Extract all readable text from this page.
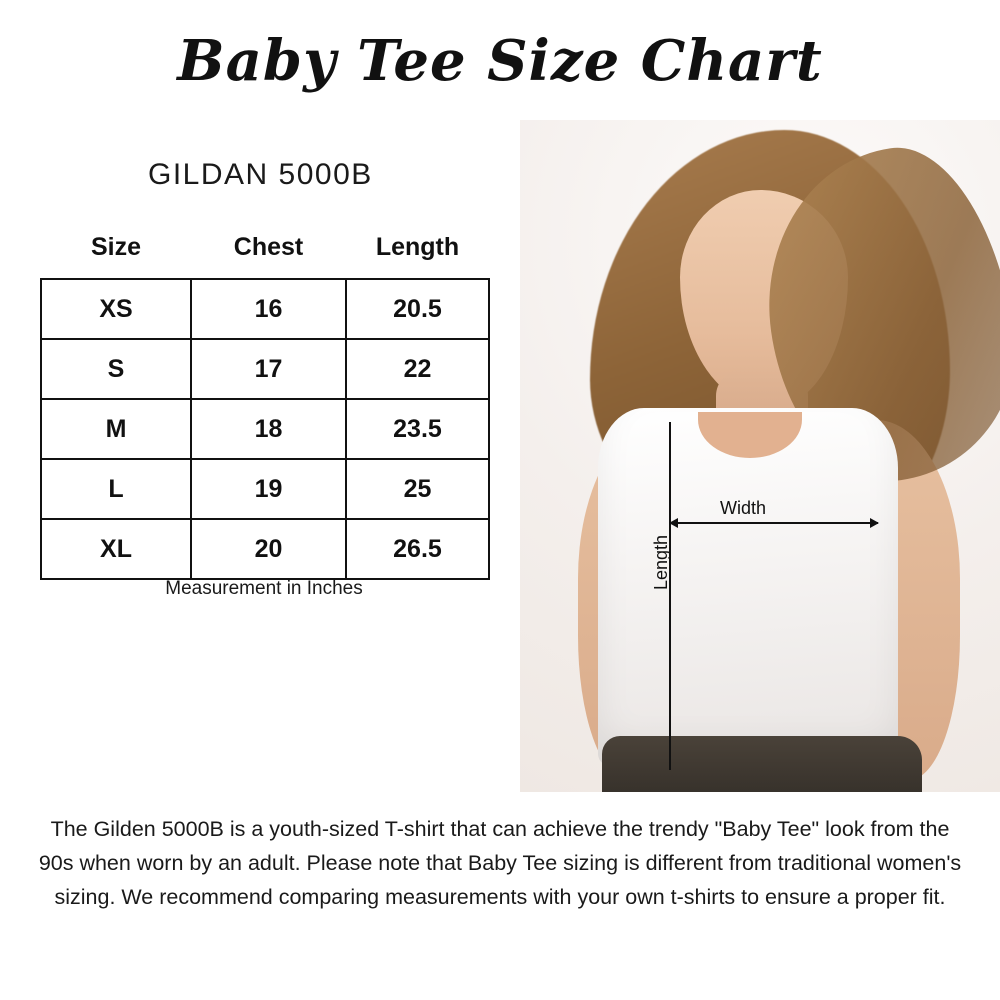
Baby Tee Size Chart
GILDAN 5000B
Size	Chest	Length
XS	16	20.5
S	17	22
M	18	23.5
L	19	25
XL	20	26.5
Measurement in Inches
Width
Length
The Gilden 5000B is a youth-sized T-shirt that can achieve the trendy "Baby Tee" look from the 90s when worn by an adult. Please note that Baby Tee sizing is different from traditional women's sizing. We recommend comparing measurements with your own t-shirts to ensure a proper fit.
